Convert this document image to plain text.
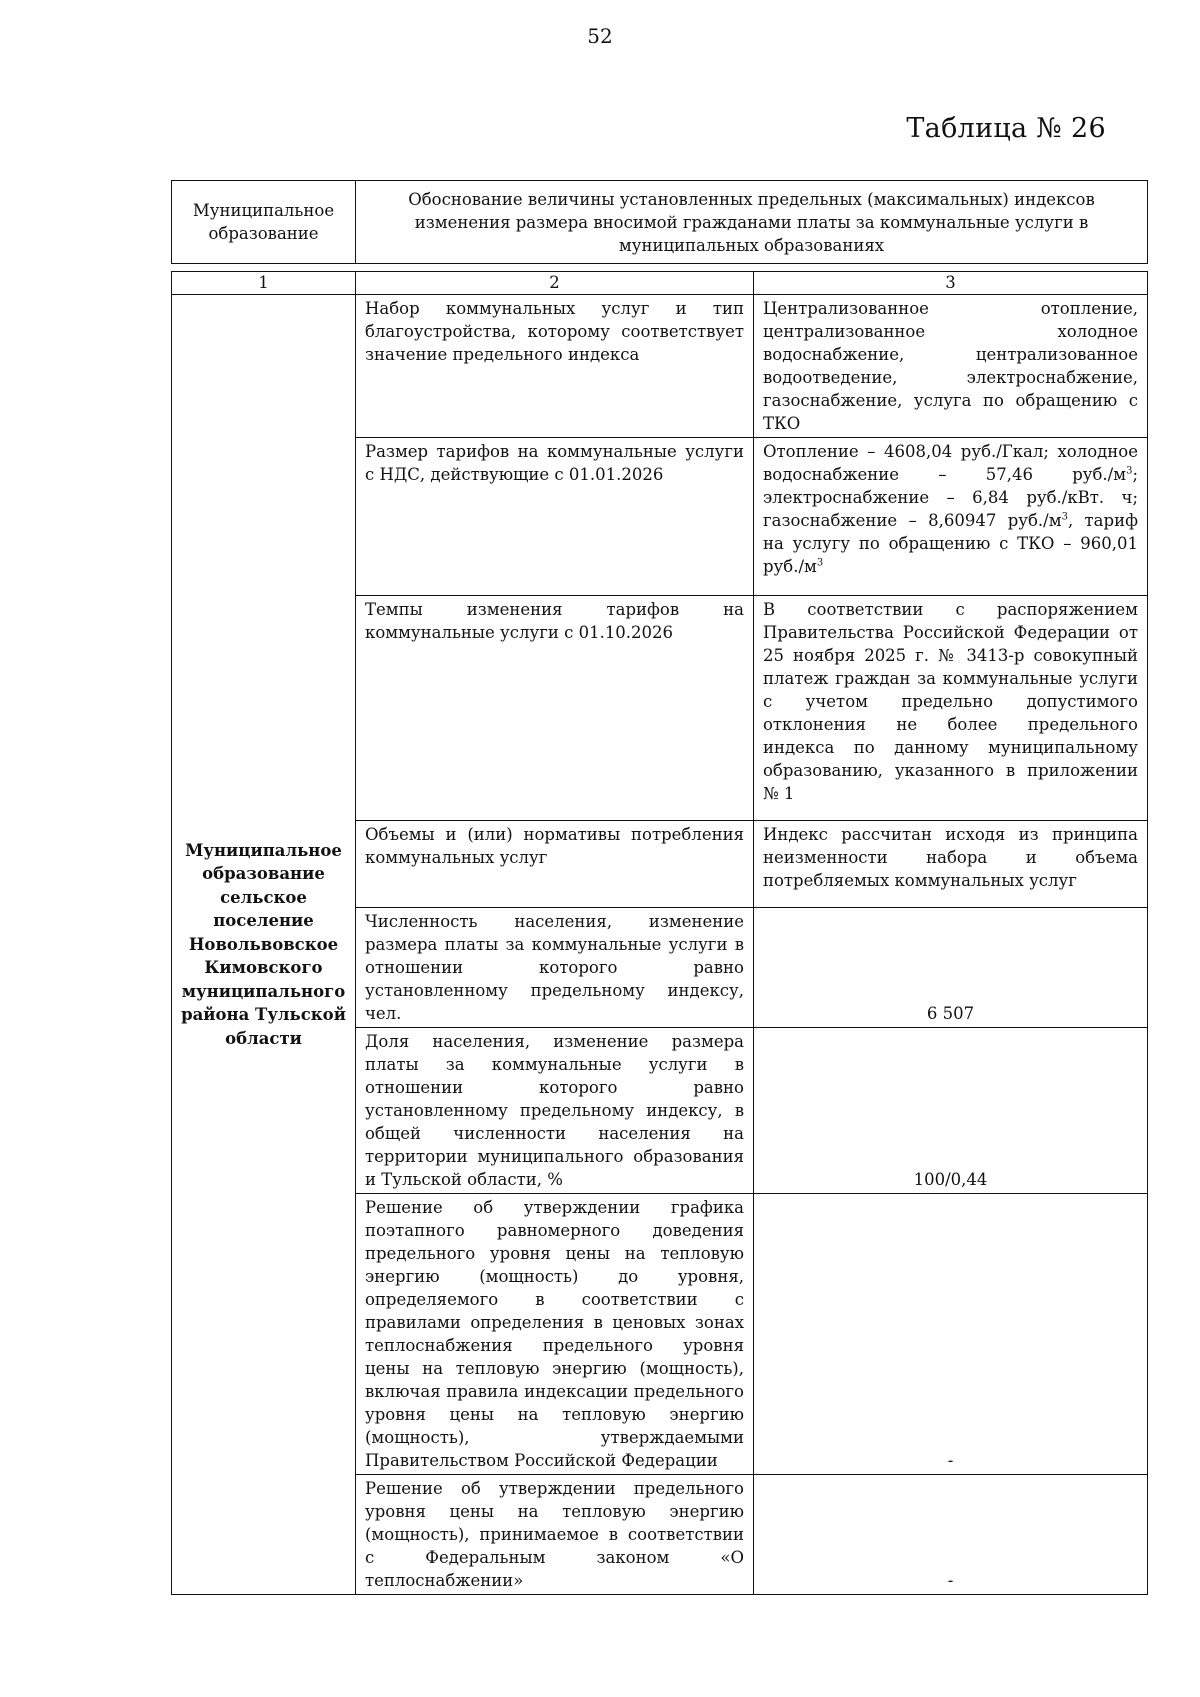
52
Таблица № 26
Муниципальное образование	Обоснование величины установленных предельных (максимальных) индексов изменения размера вносимой гражданами платы за коммунальные услуги в муниципальных образованиях
1	2	3
Муниципальное образование сельское поселение Новольвовское Кимовского муниципального района Тульской области	Набор коммунальных услуг и тип благоустройства, которому соответствует значение предельного индекса	Централизованное отопление, централизованное холодное водоснабжение, централизованное водоотведение, электроснабжение, газоснабжение, услуга по обращению с ТКО
	Размер тарифов на коммунальные услуги с НДС, действующие с 01.01.2026	Отопление – 4608,04 руб./Гкал; холодное водоснабжение – 57,46 $руб./м^3$; электроснабжение – 6,84 руб./кВт. ч; газоснабжение – 8,60947 $руб./м^3$, тариф на услугу по обращению с ТКО – 960,01 $руб./м^3$
	Темпы изменения тарифов на коммунальные услуги с 01.10.2026	В соответствии с распоряжением Правительства Российской Федерации от 25 ноября 2025 г. № 3413-р совокупный платеж граждан за коммунальные услуги с учетом предельно допустимого отклонения не более предельного индекса по данному муниципальному образованию, указанного в приложении № 1
	Объемы и (или) нормативы потребления коммунальных услуг	Индекс рассчитан исходя из принципа неизменности набора и объема потребляемых коммунальных услуг
	Численность населения, изменение размера платы за коммунальные услуги в отношении которого равно установленному предельному индексу, чел.	6 507
	Доля населения, изменение размера платы за коммунальные услуги в отношении которого равно установленному предельному индексу, в общей численности населения на территории муниципального образования и Тульской области, %	100/0,44
	Решение об утверждении графика поэтапного равномерного доведения предельного уровня цены на тепловую энергию (мощность) до уровня, определяемого в соответствии с правилами определения в ценовых зонах теплоснабжения предельного уровня цены на тепловую энергию (мощность), включая правила индексации предельного уровня цены на тепловую энергию (мощность), утверждаемыми Правительством Российской Федерации	-
	Решение об утверждении предельного уровня цены на тепловую энергию (мощность), принимаемое в соответствии с Федеральным законом «О теплоснабжении»	-
